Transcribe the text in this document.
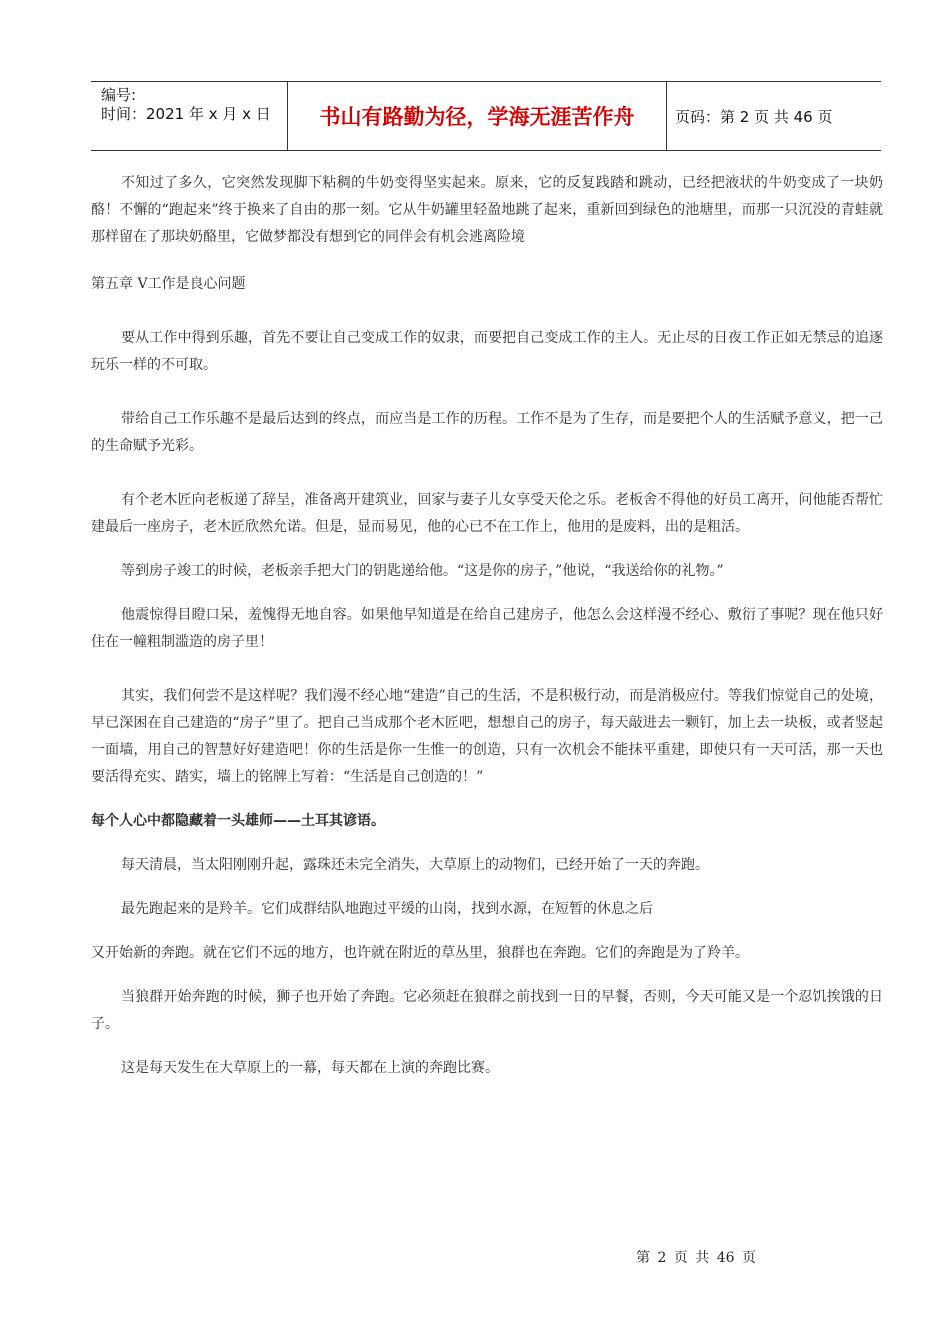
编号:
时间：2021 年 x 月 x 日 书山有路勤为径，学海无涯苦作舟	页码：第 2 页 共 46 页

不知过了多久，它突然发现脚下粘稠的牛奶变得坚实起来。原来，它的反复践踏和跳动，已经把液状的牛奶变成了一块奶酪！不懈的“跑起来”终于换来了自由的那一刻。它从牛奶罐里轻盈地跳了起来，重新回到绿色的池塘里，而那一只沉没的青蛙就那样留在了那块奶酪里，它做梦都没有想到它的同伴会有机会逃离险境

第五章 V工作是良心问题

要从工作中得到乐趣，首先不要让自己变成工作的奴隶，而要把自己变成工作的主人。无止尽的日夜工作正如无禁忌的追逐玩乐一样的不可取。

带给自己工作乐趣不是最后达到的终点，而应当是工作的历程。工作不是为了生存，而是要把个人的生活赋予意义，把一己的生命赋予光彩。

有个老木匠向老板递了辞呈，准备离开建筑业，回家与妻子儿女享受天伦之乐。老板舍不得他的好员工离开，问他能否帮忙建最后一座房子，老木匠欣然允诺。但是，显而易见，他的心已不在工作上，他用的是废料，出的是粗活。

等到房子竣工的时候，老板亲手把大门的钥匙递给他。“这是你的房子，”他说，“我送给你的礼物。”

他震惊得目瞪口呆，羞愧得无地自容。如果他早知道是在给自己建房子，他怎么会这样漫不经心、敷衍了事呢？现在他只好住在一幢粗制滥造的房子里！

其实，我们何尝不是这样呢？我们漫不经心地“建造”自己的生活，不是积极行动，而是消极应付。等我们惊觉自己的处境，早已深困在自己建造的“房子”里了。把自己当成那个老木匠吧，想想自己的房子，每天敲进去一颗钉，加上去一块板，或者竖起一面墙，用自己的智慧好好建造吧！你的生活是你一生惟一的创造，只有一次机会不能抹平重建，即使只有一天可活，那一天也要活得充实、踏实，墙上的铭牌上写着：“生活是自己创造的！”

每个人心中都隐藏着一头雄师——土耳其谚语。

每天清晨，当太阳刚刚升起，露珠还未完全消失，大草原上的动物们，已经开始了一天的奔跑。

最先跑起来的是羚羊。它们成群结队地跑过平缓的山岗，找到水源，在短暂的休息之后

又开始新的奔跑。就在它们不远的地方，也许就在附近的草丛里，狼群也在奔跑。它们的奔跑是为了羚羊。

当狼群开始奔跑的时候，狮子也开始了奔跑。它必须赶在狼群之前找到一日的早餐，否则，今天可能又是一个忍饥挨饿的日子。

这是每天发生在大草原上的一幕，每天都在上演的奔跑比赛。

第 2 页 共 46 页
